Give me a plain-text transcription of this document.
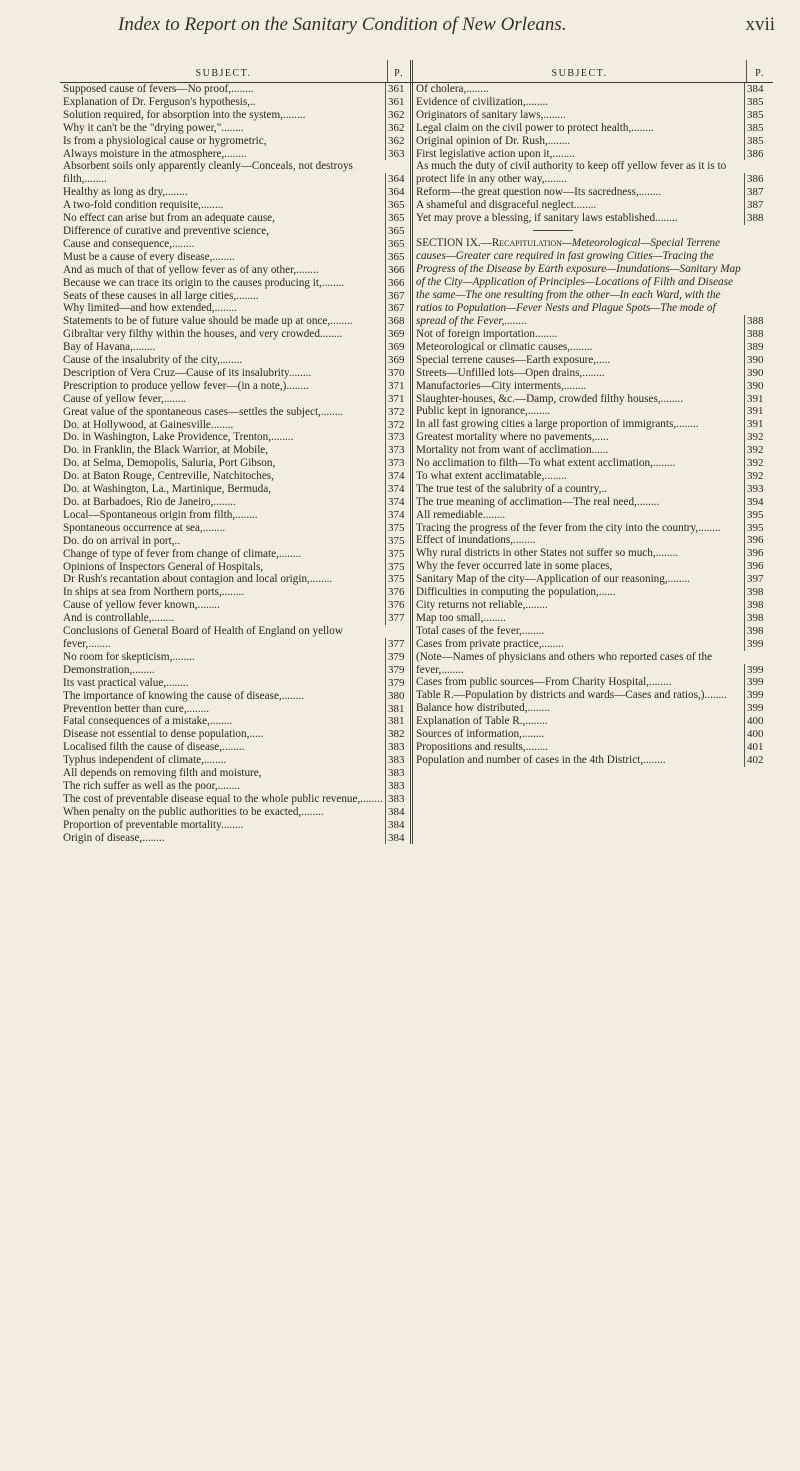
Index to Report on the Sanitary Condition of New Orleans.	xvii
SUBJECT.	P.	SUBJECT.	P.
Supposed cause of fevers—No proof,........	361
Explanation of Dr. Ferguson's hypothesis,..	361
Solution required, for absorption into the system,........	362
Why it can't be the "drying power,"........	362
Is from a physiological cause or hygrometric,	362
Always moisture in the atmosphere,........	363
Absorbent soils only apparently cleanly—Conceals, not destroys filth,........	364
Healthy as long as dry,........	364
A two-fold condition requisite,........	365
No effect can arise but from an adequate cause,	365
Difference of curative and preventive science,	365
Cause and consequence,........	365
Must be a cause of every disease,........	365
And as much of that of yellow fever as of any other,........	366
Because we can trace its origin to the causes producing it,........	366
Seats of these causes in all large cities,........	367
Why limited—and how extended,........	367
Statements to be of future value should be made up at once,........	368
Gibraltar very filthy within the houses, and very crowded........	369
Bay of Havana,........	369
Cause of the insalubrity of the city,........	369
Description of Vera Cruz—Cause of its insalubrity........	370
Prescription to produce yellow fever—(in a note,)........	371
Cause of yellow fever,........	371
Great value of the spontaneous cases—settles the subject,........	372
Do. at Hollywood, at Gainesville........	372
Do. in Washington, Lake Providence, Trenton,........	373
Do. in Franklin, the Black Warrior, at Mobile,	373
Do. at Selma, Demopolis, Saluria, Port Gibson,	373
Do. at Baton Rouge, Centreville, Natchitoches,	374
Do. at Washington, La., Martinique, Bermuda,	374
Do. at Barbadoes, Rio de Janeiro,........	374
Local—Spontaneous origin from filth,........	374
Spontaneous occurrence at sea,........	375
Do. do on arrival in port,..	375
Change of type of fever from change of climate,........	375
Opinions of Inspectors General of Hospitals,	375
Dr Rush's recantation about contagion and local origin,........	375
In ships at sea from Northern ports,........	376
Cause of yellow fever known,........	376
And is controllable,........	377
Conclusions of General Board of Health of England on yellow fever,........	377
No room for skepticism,........	379
Demonstration,........	379
Its vast practical value,........	379
The importance of knowing the cause of disease,........	380
Prevention better than cure,........	381
Fatal consequences of a mistake,........	381
Disease not essential to dense population,.....	382
Localised filth the cause of disease,........	383
Typhus independent of climate,........	383
All depends on removing filth and moisture,	383
The rich suffer as well as the poor,........	383
The cost of preventable disease equal to the whole public revenue,........ 383
When penalty on the public authorities to be exacted,........	384
Proportion of preventable mortality........	384
Origin of disease,........	384
Of cholera,........	384
Evidence of civilization,........	385
Originators of sanitary laws,........	385
Legal claim on the civil power to protect health,........	385
Original opinion of Dr. Rush,........	385
First legislative action upon it,........	386
As much the duty of civil authority to keep off yellow fever as it is to protect life in any other way,........	386
Reform—the great question now—Its sacredness,........	387
A shameful and disgraceful neglect........	387
Yet may prove a blessing, if sanitary laws established........	388
SECTION IX.—Recapitulation—Meteorological—Special Terrene causes—Greater care required in fast growing Cities—Tracing the Progress of the Disease by Earth exposure—Inundations—Sanitary Map of the City—Application of Principles—Locations of Filth and Disease the same—The one resulting from the other—In each Ward, with the ratios to Population—Fever Nests and Plague Spots—The mode of spread of the Fever,........	388
Not of foreign importation........	388
Meteorological or climatic causes,........	389
Special terrene causes—Earth exposure,.....	390
Streets—Unfilled lots—Open drains,........	390
Manufactories—City interments,........	390
Slaughter-houses, &c.—Damp, crowded filthy houses,........	391
Public kept in ignorance,........	391
In all fast growing cities a large proportion of immigrants,........	391
Greatest mortality where no pavements,.....	392
Mortality not from want of acclimation......	392
No acclimation to filth—To what extent acclimation,........	392
To what extent acclimatable,........	392
The true test of the salubrity of a country,..	393
The true meaning of acclimation—The real need,........	394
All remediable........	395
Tracing the progress of the fever from the city into the country,........	395
Effect of inundations,........	396
Why rural districts in other States not suffer so much,........	396
Why the fever occurred late in some places,	396
Sanitary Map of the city—Application of our reasoning,........	397
Difficulties in computing the population,......	398
City returns not reliable,........	398
Map too small,........	398
Total cases of the fever,........	398
Cases from private practice,........	399
(Note—Names of physicians and others who reported cases of the fever,........	399
Cases from public sources—From Charity Hospital,........	399
Table R.—Population by districts and wards—Cases and ratios,)........	399
Balance how distributed,........	399
Explanation of Table R.,........	400
Sources of information,........	400
Propositions and results,........	401
Population and number of cases in the 4th District,........	402
